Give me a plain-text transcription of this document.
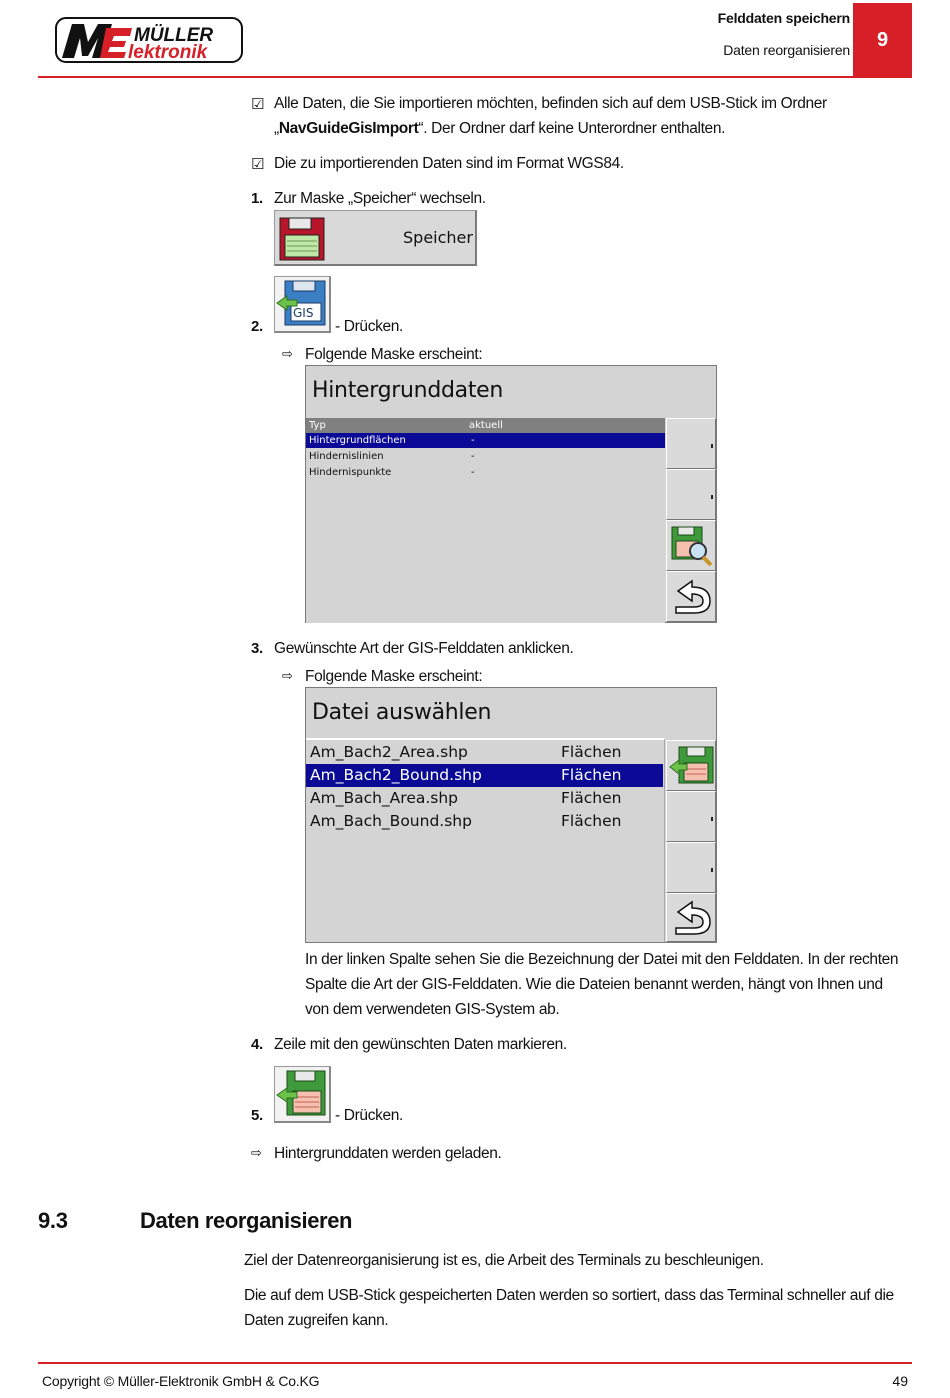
MÜLLER
lektronik
Felddaten speichern
Daten reorganisieren	9
☑ Alle Daten, die Sie importieren möchten, befinden sich auf dem USB-Stick im Ordner
„NavGuideGisImport“. Der Ordner darf keine Unterordner enthalten.
☑ Die zu importierenden Daten sind im Format WGS84.
1. Zur Maske „Speicher“ wechseln.
Speicher
GIS
2.	- Drücken.
⇨ Folgende Maske erscheint:
Hintergrunddaten
Typ	aktuell
Hintergrundflächen	-
Hindernislinien	-
Hindernispunkte	-
3. Gewünschte Art der GIS-Felddaten anklicken.
⇨ Folgende Maske erscheint:
Datei auswählen
Am_Bach2_Area.shp	Flächen
Am_Bach2_Bound.shp	Flächen
Am_Bach_Area.shp	Flächen
Am_Bach_Bound.shp	Flächen
In der linken Spalte sehen Sie die Bezeichnung der Datei mit den Felddaten. In der rechten
Spalte die Art der GIS-Felddaten. Wie die Dateien benannt werden, hängt von Ihnen und
von dem verwendeten GIS-System ab.
4. Zeile mit den gewünschten Daten markieren.
5.	- Drücken.
⇨ Hintergrunddaten werden geladen.
9.3	Daten reorganisieren
Ziel der Datenreorganisierung ist es, die Arbeit des Terminals zu beschleunigen.
Die auf dem USB-Stick gespeicherten Daten werden so sortiert, dass das Terminal schneller auf die
Daten zugreifen kann.
Copyright © Müller-Elektronik GmbH & Co.KG	49
